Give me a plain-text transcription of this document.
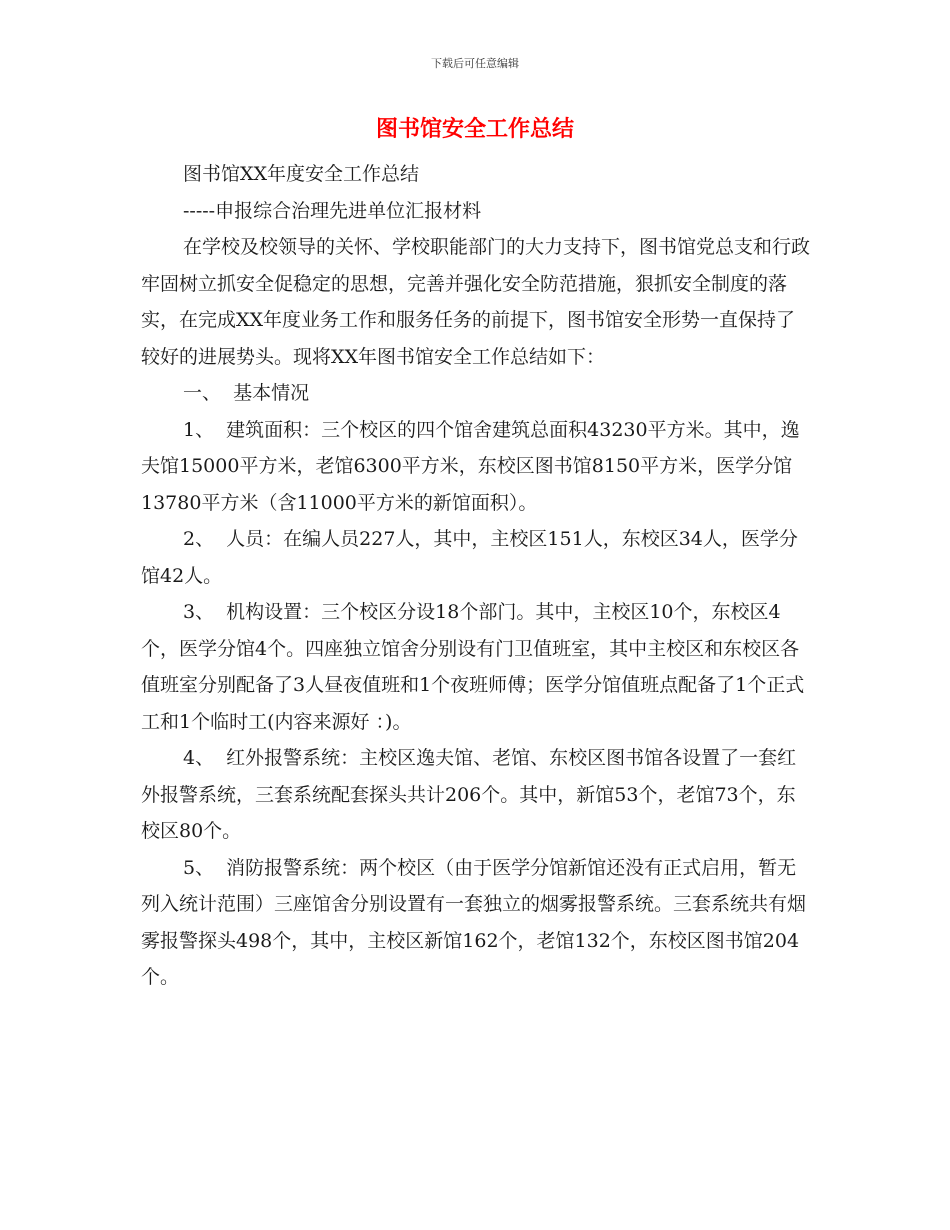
下载后可任意编辑
图书馆安全工作总结

图书馆XX年度安全工作总结

-----申报综合治理先进单位汇报材料

在学校及校领导的关怀、学校职能部门的大力支持下，图书馆党总支和行政牢固树立抓安全促稳定的思想，完善并强化安全防范措施，狠抓安全制度的落实，在完成XX年度业务工作和服务任务的前提下，图书馆安全形势一直保持了较好的进展势头。现将XX年图书馆安全工作总结如下：

一、  基本情况

1、  建筑面积：三个校区的四个馆舍建筑总面积43230平方米。其中，逸夫馆15000平方米，老馆6300平方米，东校区图书馆8150平方米，医学分馆13780平方米（含11000平方米的新馆面积）。

2、  人员：在编人员227人，其中，主校区151人，东校区34人，医学分馆42人。

3、  机构设置：三个校区分设18个部门。其中，主校区10个，东校区4个，医学分馆4个。四座独立馆舍分别设有门卫值班室，其中主校区和东校区各值班室分别配备了3人昼夜值班和1个夜班师傅；医学分馆值班点配备了1个正式工和1个临时工(内容来源好 ：)。

4、  红外报警系统：主校区逸夫馆、老馆、东校区图书馆各设置了一套红外报警系统，三套系统配套探头共计206个。其中，新馆53个，老馆73个，东校区80个。

5、  消防报警系统：两个校区（由于医学分馆新馆还没有正式启用，暂无列入统计范围）三座馆舍分别设置有一套独立的烟雾报警系统。三套系统共有烟雾报警探头498个，其中，主校区新馆162个，老馆132个，东校区图书馆204个。
